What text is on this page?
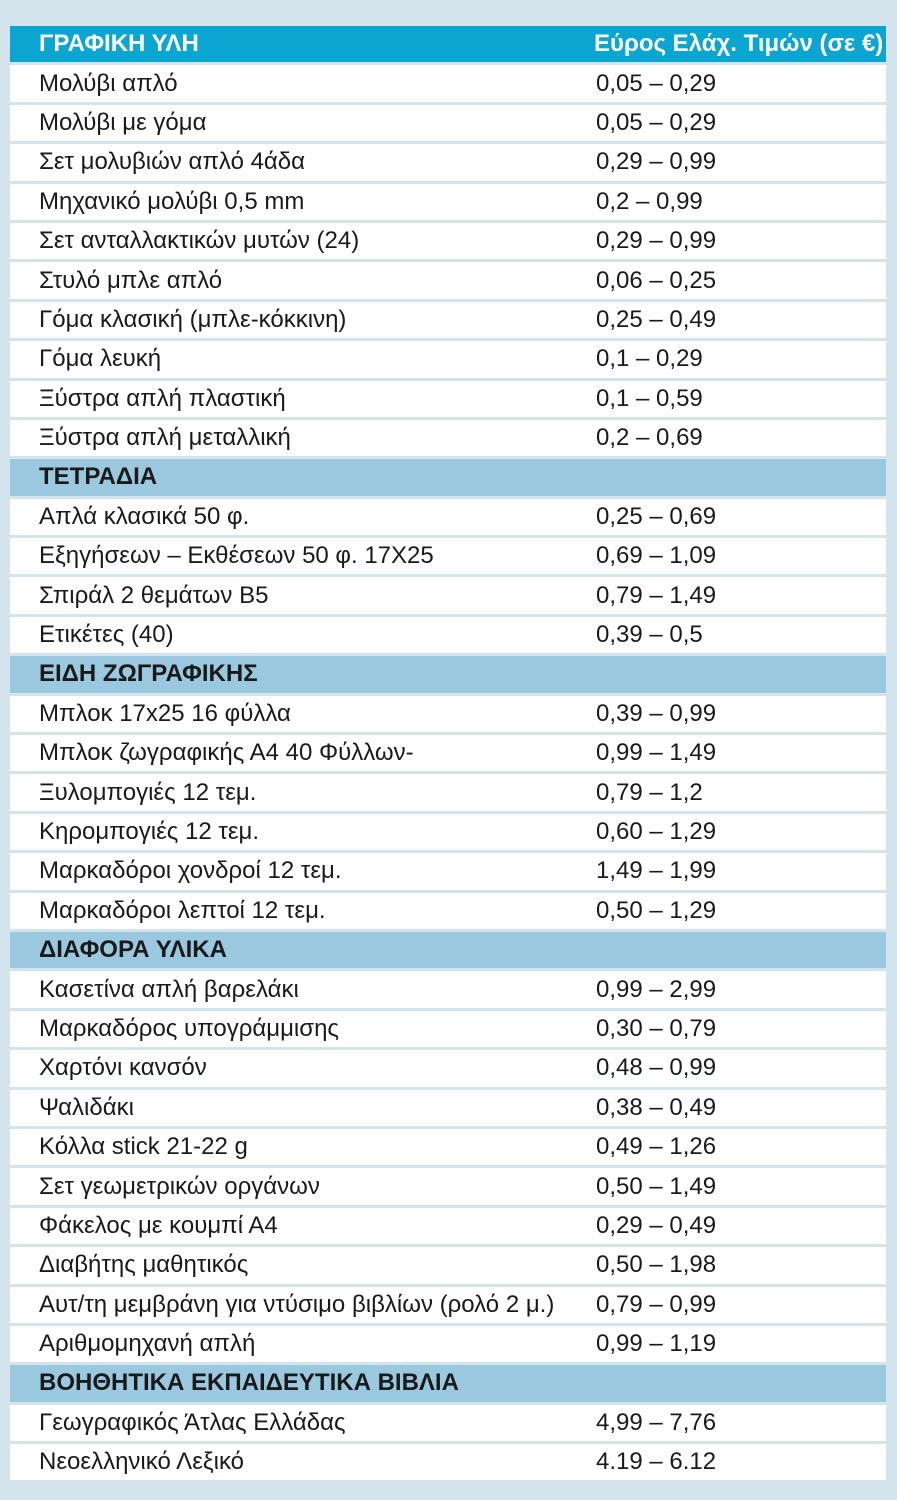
ΓΡΑΦΙΚΗ ΥΛΗ	Εύρος Ελάχ. Τιμών (σε €)
Μολύβι απλό	0,05 – 0,29
Μολύβι με γόμα	0,05 – 0,29
Σετ μολυβιών απλό 4άδα	0,29 – 0,99
Μηχανικό μολύβι 0,5 mm	0,2 – 0,99
Σετ ανταλλακτικών μυτών (24)	0,29 – 0,99
Στυλό μπλε απλό	0,06 – 0,25
Γόμα κλασική (μπλε-κόκκινη)	0,25 – 0,49
Γόμα λευκή	0,1 – 0,29
Ξύστρα απλή πλαστική	0,1 – 0,59
Ξύστρα απλή μεταλλική	0,2 – 0,69
ΤΕΤΡΑΔΙΑ
Απλά κλασικά 50 φ.	0,25 – 0,69
Εξηγήσεων – Εκθέσεων 50 φ. 17Χ25	0,69 – 1,09
Σπιράλ 2 θεμάτων Β5	0,79 – 1,49
Ετικέτες (40)	0,39 – 0,5
ΕΙΔΗ ΖΩΓΡΑΦΙΚΗΣ
Μπλοκ 17x25 16 φύλλα	0,39 – 0,99
Μπλοκ ζωγραφικής Α4 40 Φύλλων-	0,99 – 1,49
Ξυλομπογιές 12 τεμ.	0,79 – 1,2
Κηρομπογιές 12 τεμ.	0,60 – 1,29
Μαρκαδόροι χονδροί 12 τεμ.	1,49 – 1,99
Μαρκαδόροι λεπτοί 12 τεμ.	0,50 – 1,29
ΔΙΑΦΟΡΑ ΥΛΙΚΑ
Κασετίνα απλή βαρελάκι	0,99 – 2,99
Μαρκαδόρος υπογράμμισης	0,30 – 0,79
Χαρτόνι κανσόν	0,48 – 0,99
Ψαλιδάκι	0,38 – 0,49
Κόλλα stick 21-22 g	0,49 – 1,26
Σετ γεωμετρικών οργάνων	0,50 – 1,49
Φάκελος με κουμπί Α4	0,29 – 0,49
Διαβήτης μαθητικός	0,50 – 1,98
Αυτ/τη μεμβράνη για ντύσιμο βιβλίων (ρολό 2 μ.)	0,79 – 0,99
Αριθμομηχανή απλή	0,99 – 1,19
ΒΟΗΘΗΤΙΚΑ ΕΚΠΑΙΔΕΥΤΙΚΑ ΒΙΒΛΙΑ
Γεωγραφικός Άτλας Ελλάδας	4,99 – 7,76
Νεοελληνικό Λεξικό	4.19 – 6.12
